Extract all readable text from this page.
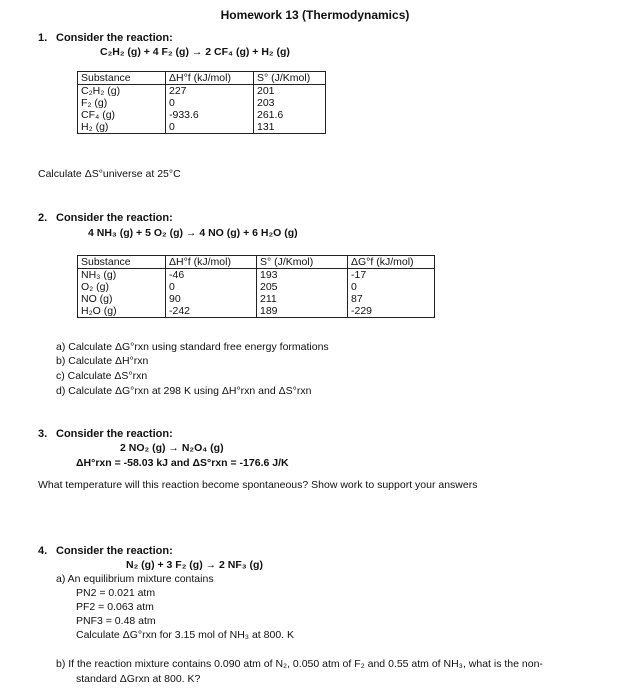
Homework 13 (Thermodynamics)
1. Consider the reaction:
C₂H₂ (g) + 4 F₂ (g) → 2 CF₄ (g) + H₂ (g)
Substance	ΔH°f (kJ/mol)	S° (J/Kmol)
C₂H₂ (g)	227	201
F₂ (g)	0	203
CF₄ (g)	-933.6	261.6
H₂ (g)	0	131
Calculate ΔS°universe at 25°C
2. Consider the reaction:
4 NH₃ (g) + 5 O₂ (g) → 4 NO (g) + 6 H₂O (g)
Substance	ΔH°f (kJ/mol)	S° (J/Kmol)	ΔG°f (kJ/mol)
NH₃ (g)	-46	193	-17
O₂ (g)	0	205	0
NO (g)	90	211	87
H₂O (g)	-242	189	-229
a) Calculate ΔG°rxn using standard free energy formations
b) Calculate ΔH°rxn
c) Calculate ΔS°rxn
d) Calculate ΔG°rxn at 298 K using ΔH°rxn and ΔS°rxn
3. Consider the reaction:
2 NO₂ (g) → N₂O₄ (g)
ΔH°rxn = -58.03 kJ and ΔS°rxn = -176.6 J/K
What temperature will this reaction become spontaneous? Show work to support your answers
4. Consider the reaction:
N₂ (g) + 3 F₂ (g) → 2 NF₃ (g)
a) An equilibrium mixture contains
PN2 = 0.021 atm
PF2 = 0.063 atm
PNF3 = 0.48 atm
Calculate ΔG°rxn for 3.15 mol of NH₃ at 800. K
b) If the reaction mixture contains 0.090 atm of N₂, 0.050 atm of F₂ and 0.55 atm of NH₃, what is the non-
standard ΔGrxn at 800. K?
